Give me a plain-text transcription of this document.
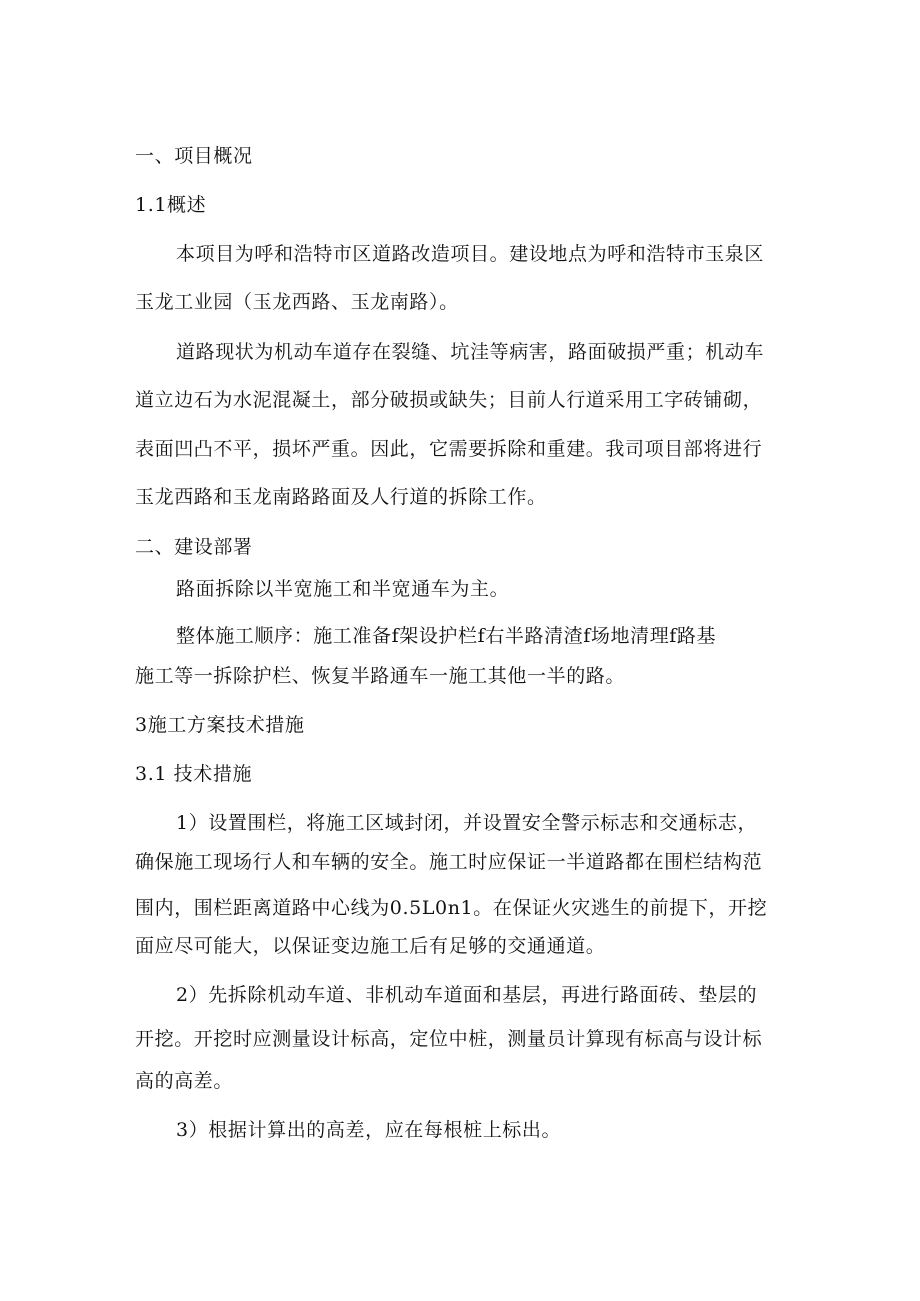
一、项目概况
1.1概述
本项目为呼和浩特市区道路改造项目。建设地点为呼和浩特市玉泉区
玉龙工业园（玉龙西路、玉龙南路）。
道路现状为机动车道存在裂缝、坑洼等病害，路面破损严重；机动车
道立边石为水泥混凝土，部分破损或缺失；目前人行道采用工字砖铺砌，
表面凹凸不平，损坏严重。因此，它需要拆除和重建。我司项目部将进行
玉龙西路和玉龙南路路面及人行道的拆除工作。
二、建设部署
路面拆除以半宽施工和半宽通车为主。
整体施工顺序：施工准备f架设护栏f右半路清渣f场地清理f路基
施工等一拆除护栏、恢复半路通车一施工其他一半的路。
3施工方案技术措施
3.1 技术措施
1）设置围栏，将施工区域封闭，并设置安全警示标志和交通标志，
确保施工现场行人和车辆的安全。施工时应保证一半道路都在围栏结构范
围内，围栏距离道路中心线为0.5L0n1。在保证火灾逃生的前提下，开挖
面应尽可能大，以保证变边施工后有足够的交通通道。
2）先拆除机动车道、非机动车道面和基层，再进行路面砖、垫层的
开挖。开挖时应测量设计标高，定位中桩，测量员计算现有标高与设计标
高的高差。
3）根据计算出的高差，应在每根桩上标出。
